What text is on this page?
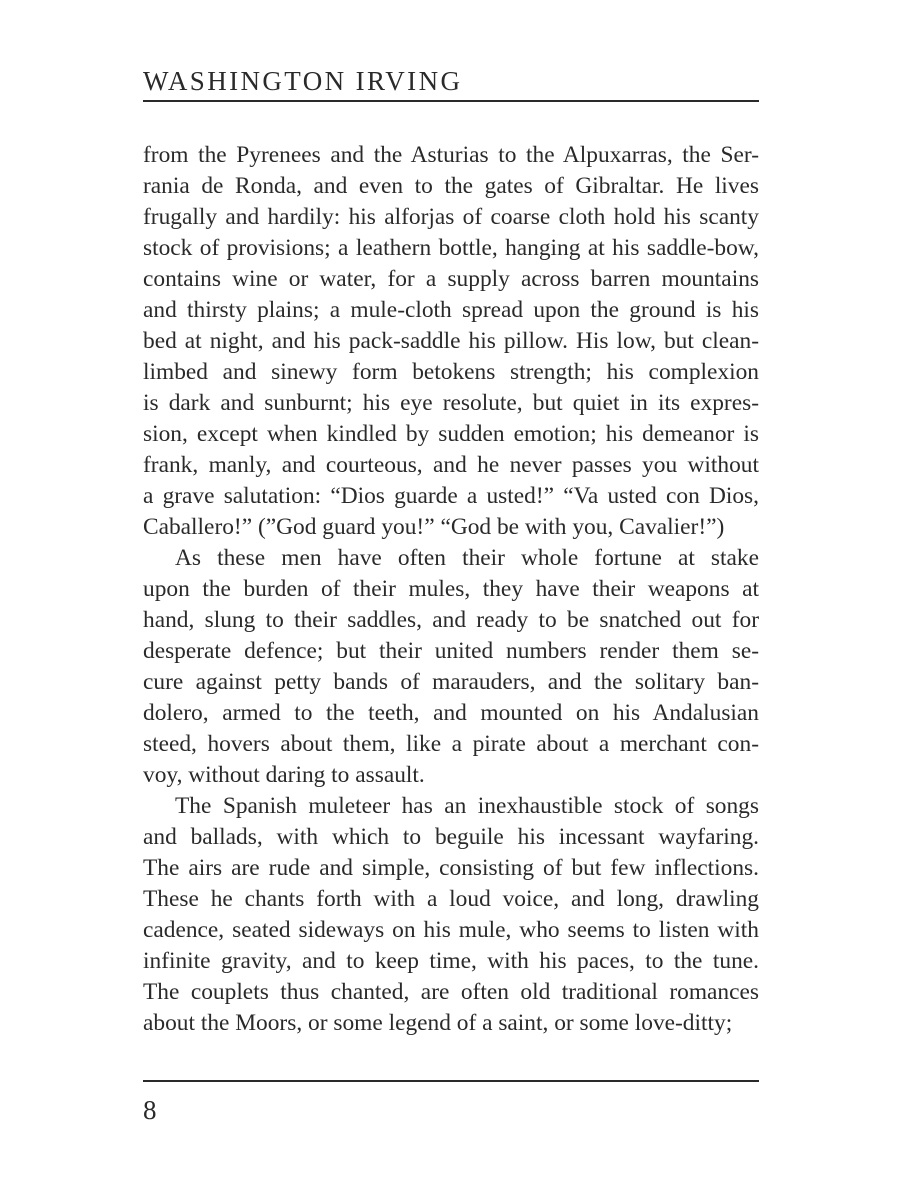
WASHINGTON IRVING
from the Pyrenees and the Asturias to the Alpuxarras, the Ser-
rania de Ronda, and even to the gates of Gibraltar. He lives
frugally and hardily: his alforjas of coarse cloth hold his scanty
stock of provisions; a leathern bottle, hanging at his saddle-bow,
contains wine or water, for a supply across barren mountains
and thirsty plains; a mule-cloth spread upon the ground is his
bed at night, and his pack-saddle his pillow. His low, but clean-
limbed and sinewy form betokens strength; his complexion
is dark and sunburnt; his eye resolute, but quiet in its expres-
sion, except when kindled by sudden emotion; his demeanor is
frank, manly, and courteous, and he never passes you without
a grave salutation: “Dios guarde a usted!” “Va usted con Dios,
Caballero!” (”God guard you!” “God be with you, Cavalier!”)
As these men have often their whole fortune at stake
upon the burden of their mules, they have their weapons at
hand, slung to their saddles, and ready to be snatched out for
desperate defence; but their united numbers render them se-
cure against petty bands of marauders, and the solitary ban-
dolero, armed to the teeth, and mounted on his Andalusian
steed, hovers about them, like a pirate about a merchant con-
voy, without daring to assault.
The Spanish muleteer has an inexhaustible stock of songs
and ballads, with which to beguile his incessant wayfaring.
The airs are rude and simple, consisting of but few inflections.
These he chants forth with a loud voice, and long, drawling
cadence, seated sideways on his mule, who seems to listen with
infinite gravity, and to keep time, with his paces, to the tune.
The couplets thus chanted, are often old traditional romances
about the Moors, or some legend of a saint, or some love-ditty;
8
